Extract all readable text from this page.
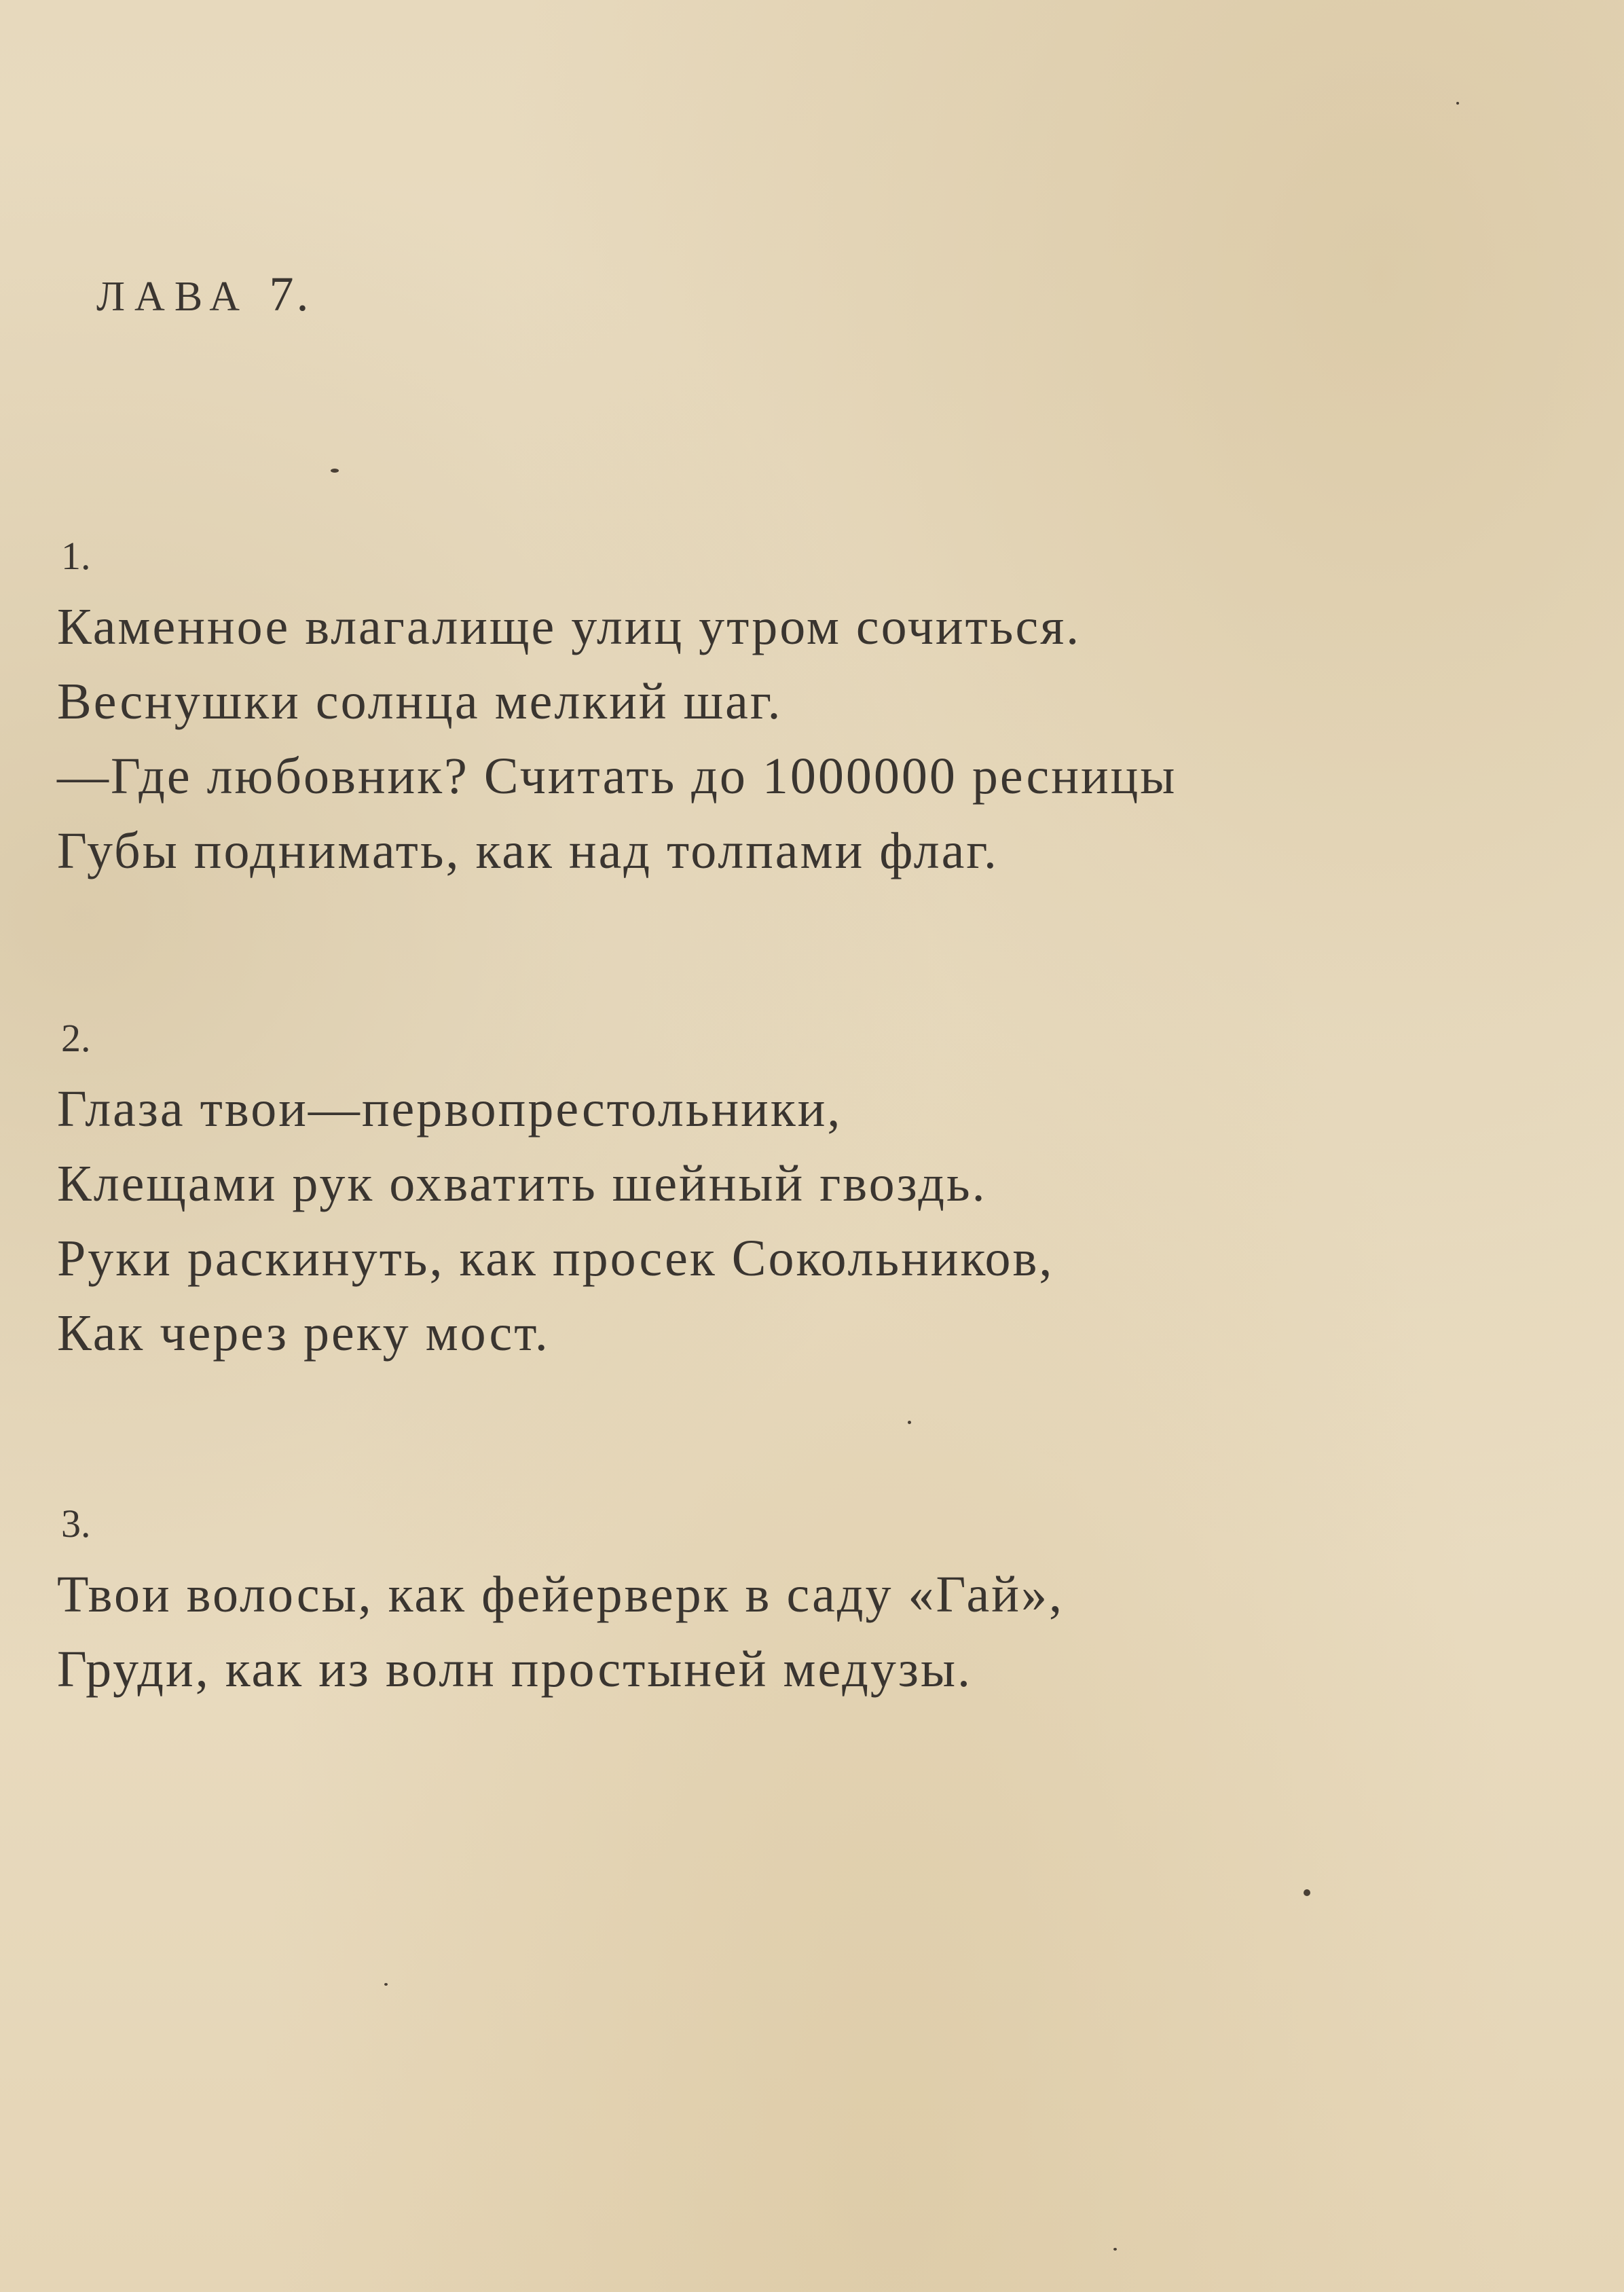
ЛАВА 7.
1.
Каменное влагалище улиц утром сочиться.
Веснушки солнца мелкий шаг.
—Где любовник? Считать до 1000000 ресницы
Губы поднимать, как над толпами флаг.
2.
Глаза твои—первопрестольники,
Клещами рук охватить шейный гвоздь.
Руки раскинуть, как просек Сокольников,
Как через реку мост.
3.
Твои волосы, как фейерверк в саду «Гай»,
Груди, как из волн простыней медузы.
